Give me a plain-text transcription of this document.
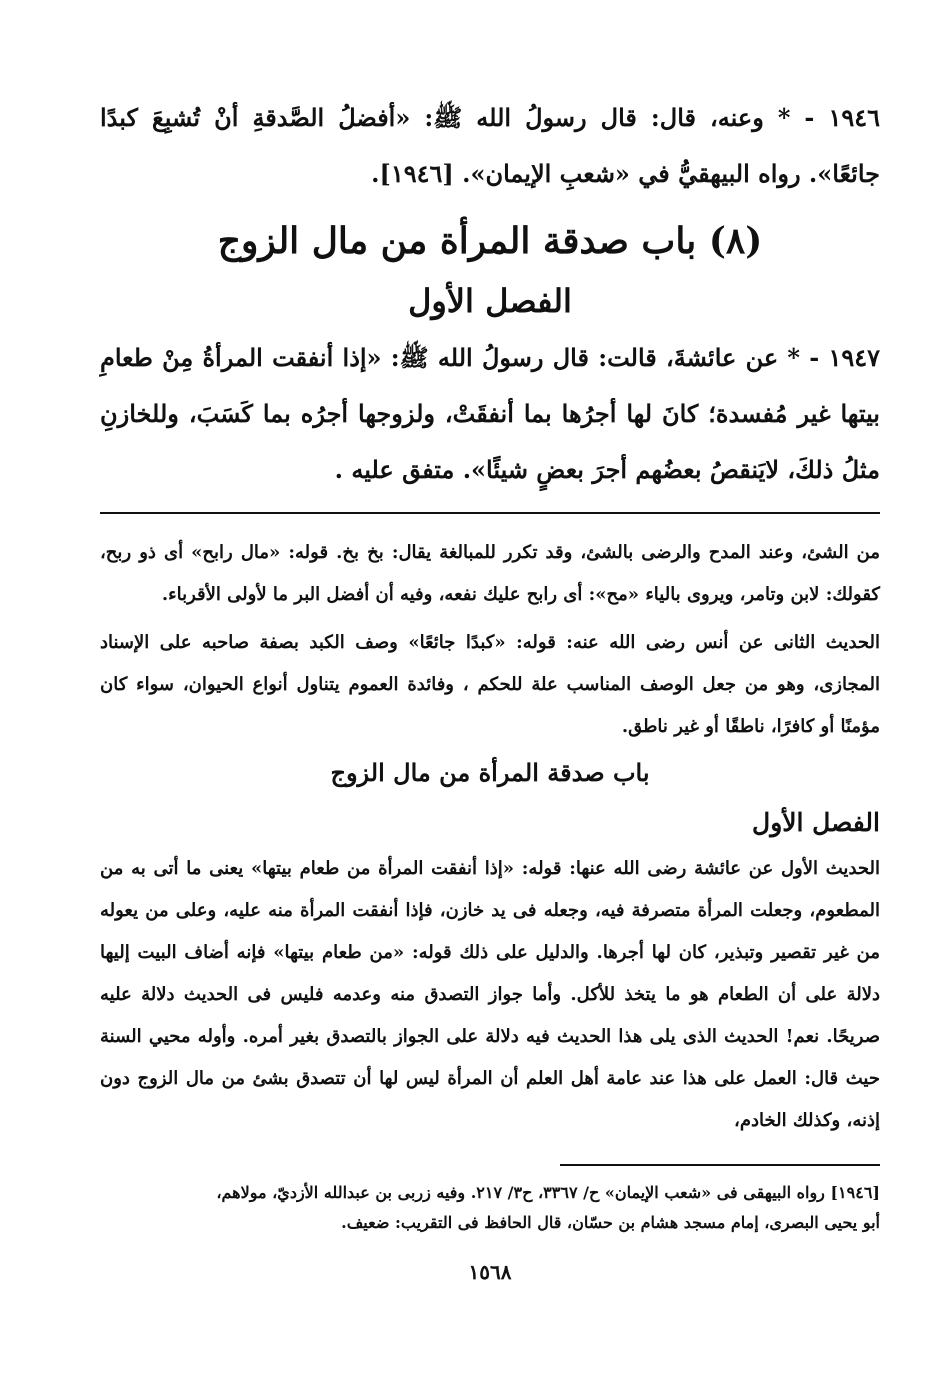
١٩٤٦ - * وعنه، قال: قال رسولُ الله ﷺ: «أفضلُ الصَّدقةِ أنْ تُشبِعَ كبدًا جائعًا». رواه البيهقيُّ في «شعبِ الإيمان». [١٩٤٦].

(٨) باب صدقة المرأة من مال الزوج
الفصل الأول

١٩٤٧ - * عن عائشةَ، قالت: قال رسولُ الله ﷺ: «إذا أنفقت المرأةُ مِنْ طعامِ بيتها غير مُفسدة؛ كانَ لها أجرُها بما أنفقَتْ، ولزوجها أجرُه بما كَسَبَ، وللخازنِ مثلُ ذلكَ، لايَنقصُ بعضُهم أجرَ بعضٍ شيئًا». متفق عليه .

من الشئ، وعند المدح والرضى بالشئ، وقد تكرر للمبالغة يقال: بخ بخ. قوله: «مال رابح» أى ذو ربح، كقولك: لابن وتامر، ويروى بالياء «مح»: أى رابح عليك نفعه، وفيه أن أفضل البر ما لأولى الأقرباء.

الحديث الثانى عن أنس رضى الله عنه: قوله: «كبدًا جائعًا» وصف الكبد بصفة صاحبه على الإسناد المجازى، وهو من جعل الوصف المناسب علة للحكم ، وفائدة العموم يتناول أنواع الحيوان، سواء كان مؤمنًا أو كافرًا، ناطقًا أو غير ناطق.

باب صدقة المرأة من مال الزوج
الفصل الأول

الحديث الأول عن عائشة رضى الله عنها: قوله: «إذا أنفقت المرأة من طعام بيتها» يعنى ما أتى به من المطعوم، وجعلت المرأة متصرفة فيه، وجعله فى يد خازن، فإذا أنفقت المرأة منه عليه، وعلى من يعوله من غير تقصير وتبذير، كان لها أجرها. والدليل على ذلك قوله: «من طعام بيتها» فإنه أضاف البيت إليها دلالة على أن الطعام هو ما يتخذ للأكل. وأما جواز التصدق منه وعدمه فليس فى الحديث دلالة عليه صريحًا. نعم! الحديث الذى يلى هذا الحديث فيه دلالة على الجواز بالتصدق بغير أمره. وأوله محيي السنة حيث قال: العمل على هذا عند عامة أهل العلم أن المرأة ليس لها أن تتصدق بشئ من مال الزوج دون إذنه، وكذلك الخادم،

[١٩٤٦] رواه البيهقى فى «شعب الإيمان» ح/ ٣٣٦٧، ح٣/ ٢١٧. وفيه زربى بن عبدالله الأزديّ، مولاهم،

أبو يحيى البصرى، إمام مسجد هشام بن حسّان، قال الحافظ فى التقريب: ضعيف.

١٥٦٨
